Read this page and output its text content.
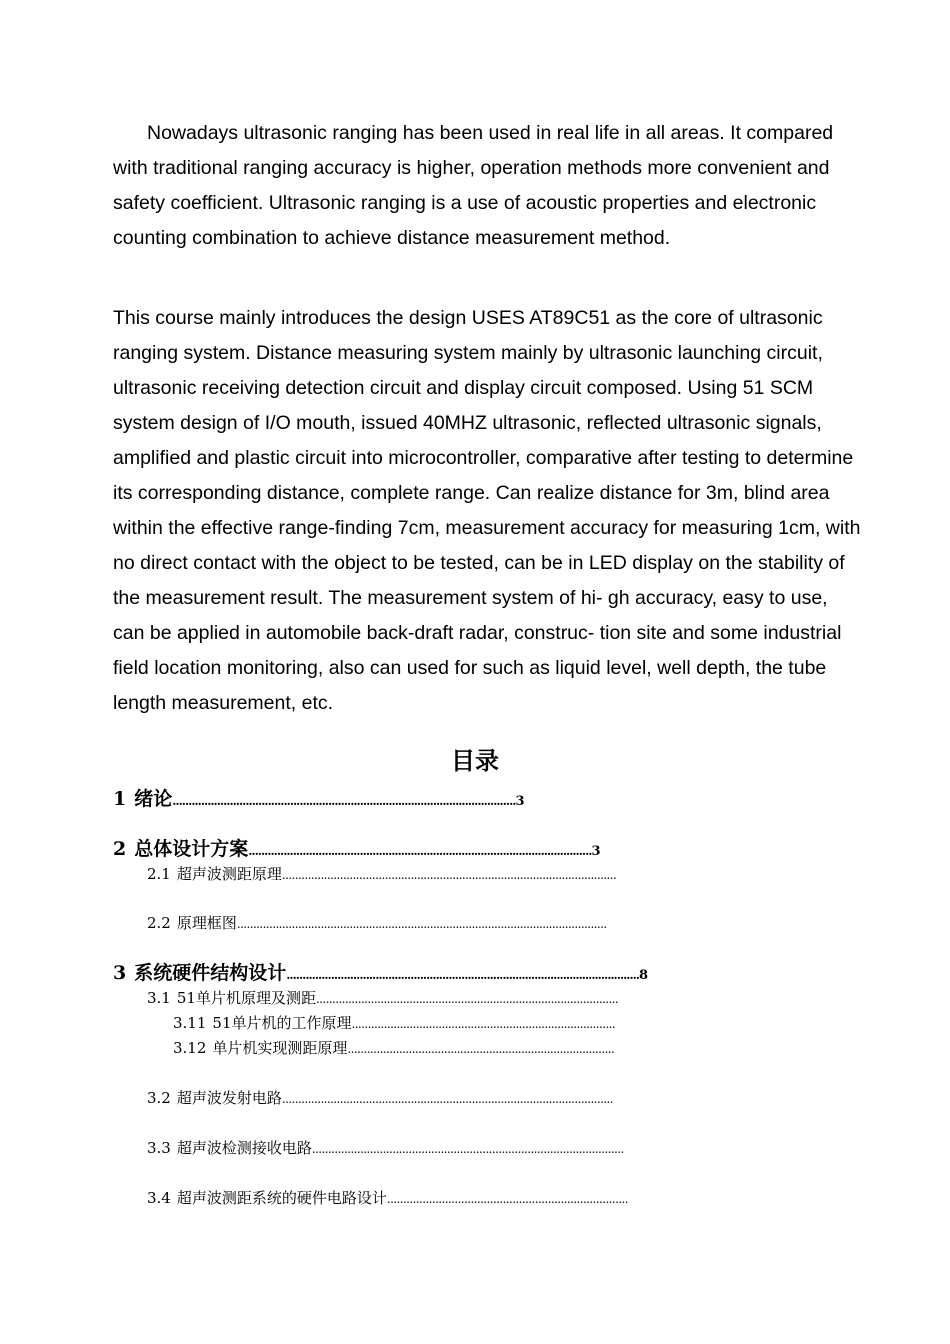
Nowadays ultrasonic ranging has been used in real life in all areas. It compared with traditional ranging accuracy is higher, operation methods more convenient and safety coefficient. Ultrasonic ranging is a use of acoustic properties and electronic counting combination to achieve distance measurement method.

This course mainly introduces the design USES AT89C51 as the core of ultrasonic ranging system. Distance measuring system mainly by ultrasonic launching circuit, ultrasonic receiving detection circuit and display circuit composed. Using 51 SCM system design of I/O mouth, issued 40MHZ ultrasonic, reflected ultrasonic signals, amplified and plastic circuit into microcontroller, comparative after testing to determine its corresponding distance, complete range. Can realize distance for 3m, blind area within the effective range-finding 7cm, measurement accuracy for measuring 1cm, with no direct contact with the object to be tested, can be in LED display on the stability of the measurement result. The measurement system of hi- gh accuracy, easy to use, can be applied in automobile back-draft radar, construc- tion site and some industrial field location monitoring, also can used for such as liquid level, well depth, the tube length measurement, etc.

目录
1 绪论............................................................................................................3
2 总体设计方案............................................................................................................3
2.1 超声波测距原理........................................................................................................
2.2 原理框图...................................................................................................................
3 系统硬件结构设计...............................................................................................................8
3.1 51单片机原理及测距..............................................................................................
3.11 51单片机的工作原理..................................................................................
3.12 单片机实现测距原理...................................................................................
3.2 超声波发射电路.......................................................................................................
3.3 超声波检测接收电路.................................................................................................
3.4 超声波测距系统的硬件电路设计...........................................................................
